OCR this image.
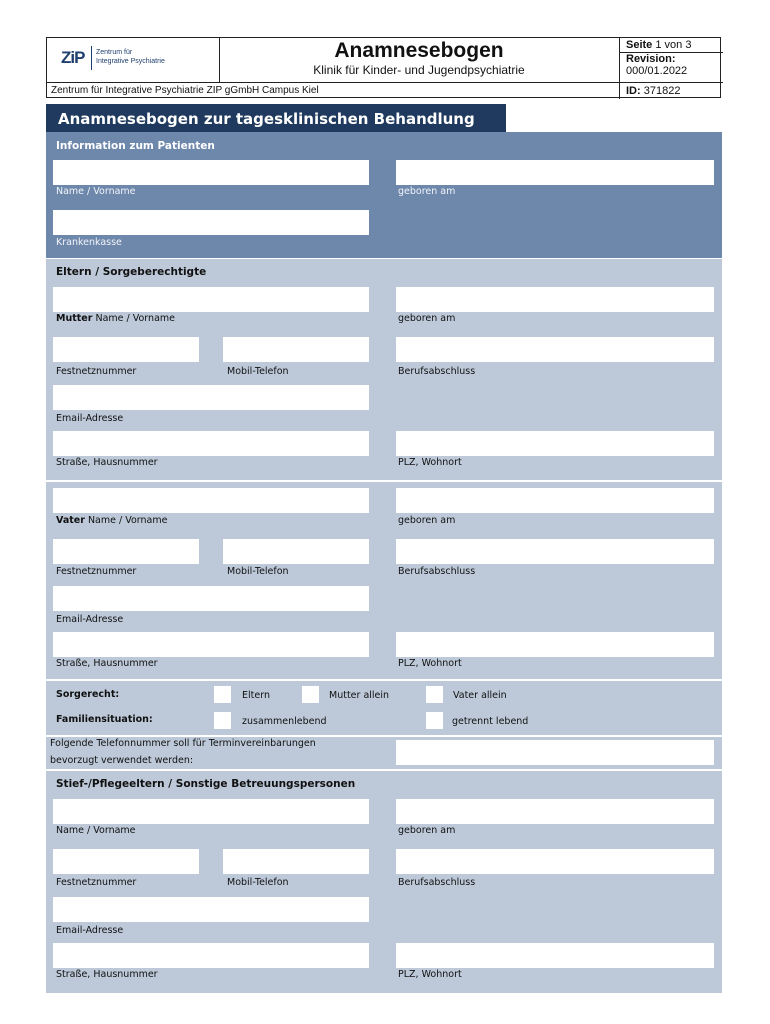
ZiP Zentrum für
Integrative Psychiatrie	Anamnesebogen
Klinik für Kinder- und Jugendpsychiatrie
Seite 1 von 3
Revision:
000/01.2022
ID: 371822
Zentrum für Integrative Psychiatrie ZIP gGmbH Campus Kiel
Anamnesebogen zur tagesklinischen Behandlung
Information zum Patienten
Name / Vorname	geboren am
Krankenkasse
Eltern / Sorgeberechtigte
Mutter Name / Vorname	geboren am
Festnetznummer	Mobil-Telefon	Berufsabschluss
Email-Adresse
Straße, Hausnummer	PLZ, Wohnort
Vater Name / Vorname	geboren am
Festnetznummer	Mobil-Telefon	Berufsabschluss
Email-Adresse
Straße, Hausnummer	PLZ, Wohnort
Sorgerecht:	Eltern	Mutter allein	Vater allein
Familiensituation:	zusammenlebend	getrennt lebend
Folgende Telefonnummer soll für Terminvereinbarungen
bevorzugt verwendet werden:
Stief-/Pflegeeltern / Sonstige Betreuungspersonen
Name / Vorname	geboren am
Festnetznummer	Mobil-Telefon	Berufsabschluss
Email-Adresse
Straße, Hausnummer	PLZ, Wohnort
